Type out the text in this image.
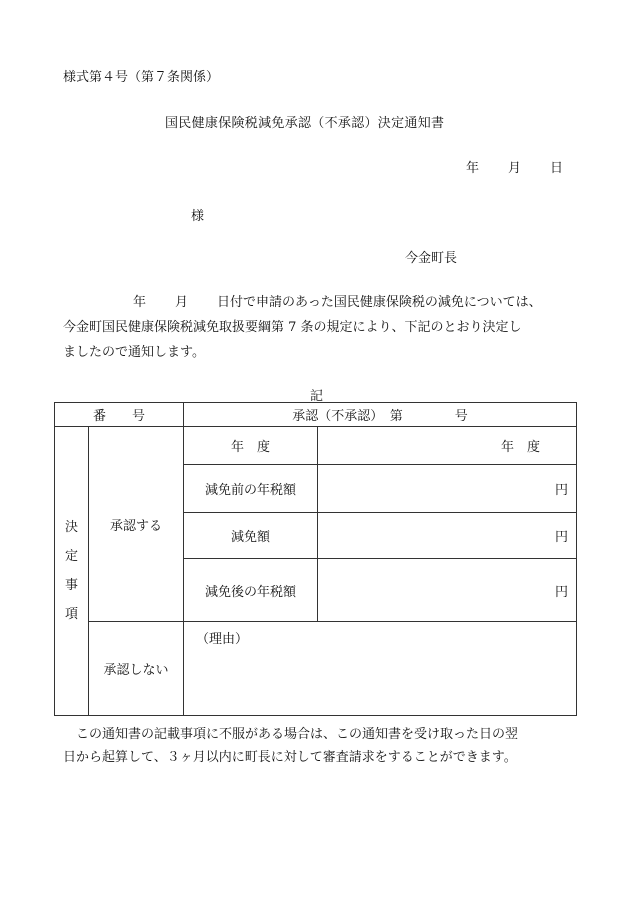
様式第４号（第７条関係）
国民健康保険税減免承認（不承認）決定通知書
年 月 日
様
今金町長
年 月 日付で申請のあった国民健康保険税の減免については、
今金町国民健康保険税減免取扱要綱第 7 条の規定により、下記のとおり決定し
ましたので通知します。
記
番　　号		承認（不承認）　第　　　　号	

決
定
事
項	承認する	年　度	年　度
		減免前の年税額	円
		減免額	円
		減免後の年税額	円
	承認しない	（理由）	
　この通知書の記載事項に不服がある場合は、この通知書を受け取った日の翌
日から起算して、３ヶ月以内に町長に対して審査請求をすることができます。
